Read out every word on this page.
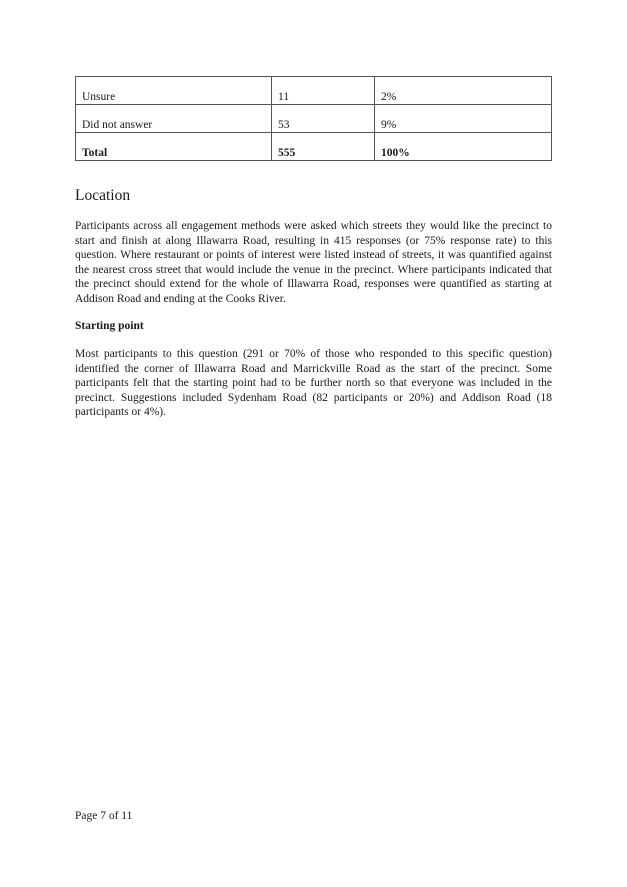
Unsure	11	2%
Did not answer	53	9%
Total	555	100%
Location

Participants across all engagement methods were asked which streets they would like the precinct to start and finish at along Illawarra Road, resulting in 415 responses (or 75% response rate) to this question. Where restaurant or points of interest were listed instead of streets, it was quantified against the nearest cross street that would include the venue in the precinct. Where participants indicated that the precinct should extend for the whole of Illawarra Road, responses were quantified as starting at Addison Road and ending at the Cooks River.

Starting point

Most participants to this question (291 or 70% of those who responded to this specific question) identified the corner of Illawarra Road and Marrickville Road as the start of the precinct. Some participants felt that the starting point had to be further north so that everyone was included in the precinct. Suggestions included Sydenham Road (82 participants or 20%) and Addison Road (18 participants or 4%).

Page 7 of 11
